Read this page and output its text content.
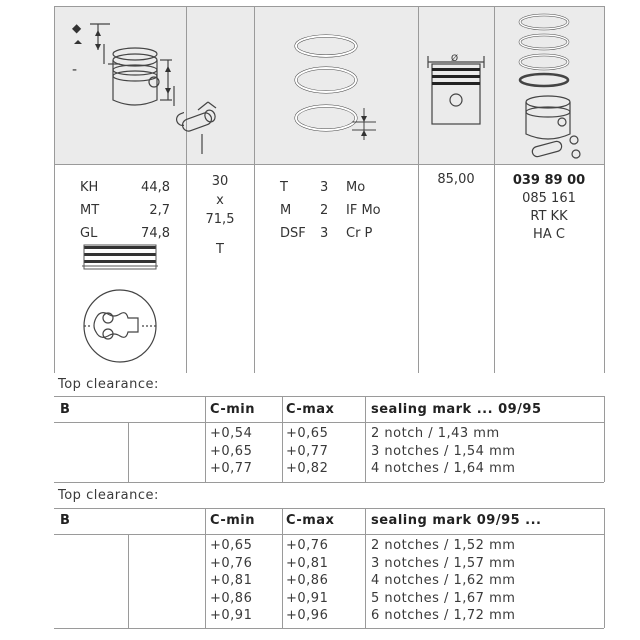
◆
-
Ø
KH	44,8
MT	2,7
GL	74,8
30
x
71,5
T
T	3	Mo
M	2	IF Mo
DSF	3	Cr P
85,00	039 89 00
085 161
RT KK
HA C
Top clearance:
B	C-min C-max	sealing mark ... 09/95
+0,54	+0,65	2 notch / 1,43 mm
+0,65	+0,77	3 notches / 1,54 mm
+0,77	+0,82	4 notches / 1,64 mm
Top clearance:
B	C-min C-max	sealing mark 09/95 ...
+0,65	+0,76	2 notches / 1,52 mm
+0,76	+0,81	3 notches / 1,57 mm
+0,81	+0,86	4 notches / 1,62 mm
+0,86	+0,91	5 notches / 1,67 mm
+0,91	+0,96	6 notches / 1,72 mm
